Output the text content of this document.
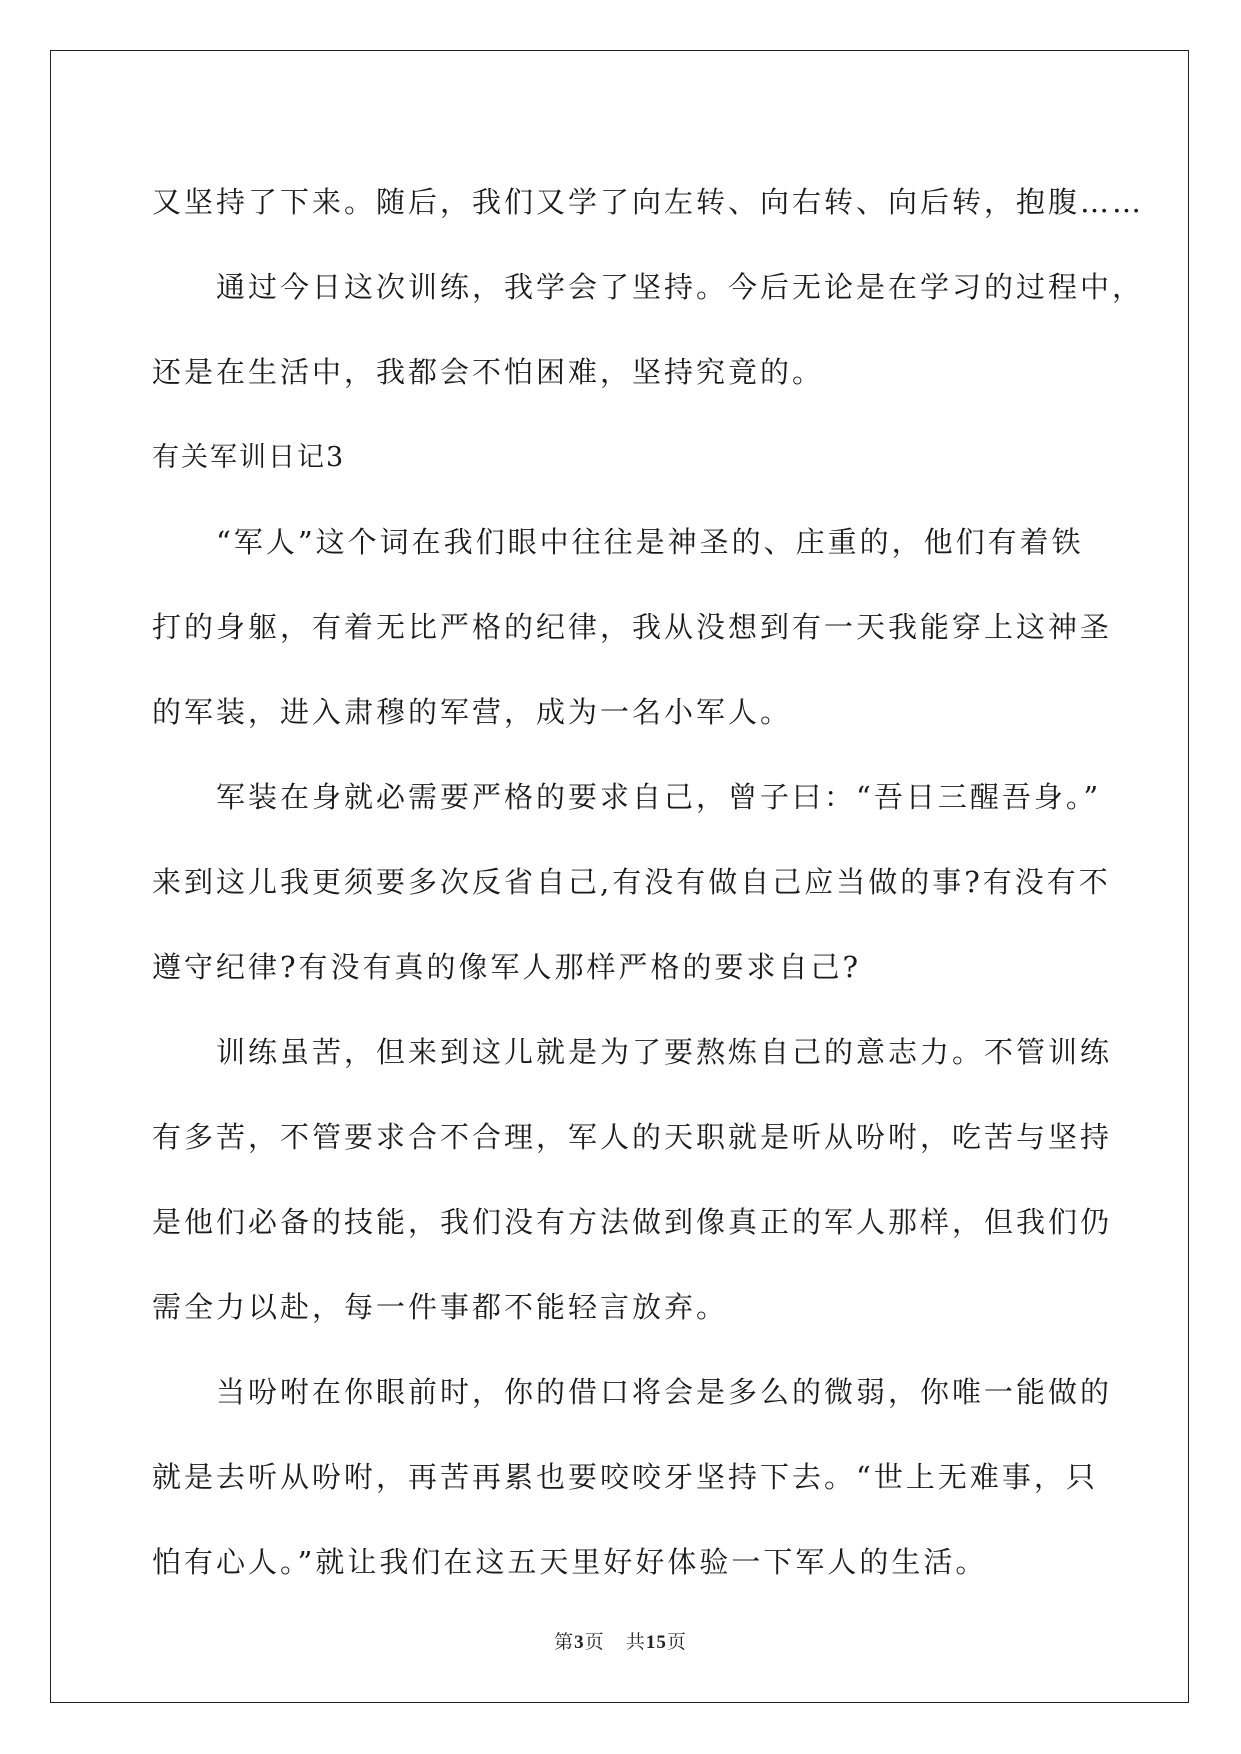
又坚持了下来。随后，我们又学了向左转、向右转、向后转，抱腹……
通过今日这次训练，我学会了坚持。今后无论是在学习的过程中，
还是在生活中，我都会不怕困难，坚持究竟的。
有关军训日记3
“军人”这个词在我们眼中往往是神圣的、庄重的，他们有着铁
打的身躯，有着无比严格的纪律，我从没想到有一天我能穿上这神圣
的军装，进入肃穆的军营，成为一名小军人。
军装在身就必需要严格的要求自己，曾子曰：“吾日三醒吾身。”
来到这儿我更须要多次反省自己,有没有做自己应当做的事?有没有不
遵守纪律?有没有真的像军人那样严格的要求自己?
训练虽苦，但来到这儿就是为了要熬炼自己的意志力。不管训练
有多苦，不管要求合不合理，军人的天职就是听从吩咐，吃苦与坚持
是他们必备的技能，我们没有方法做到像真正的军人那样，但我们仍
需全力以赴，每一件事都不能轻言放弃。
当吩咐在你眼前时，你的借口将会是多么的微弱，你唯一能做的
就是去听从吩咐，再苦再累也要咬咬牙坚持下去。“世上无难事，只
怕有心人。”就让我们在这五天里好好体验一下军人的生活。
第3页 共15页
